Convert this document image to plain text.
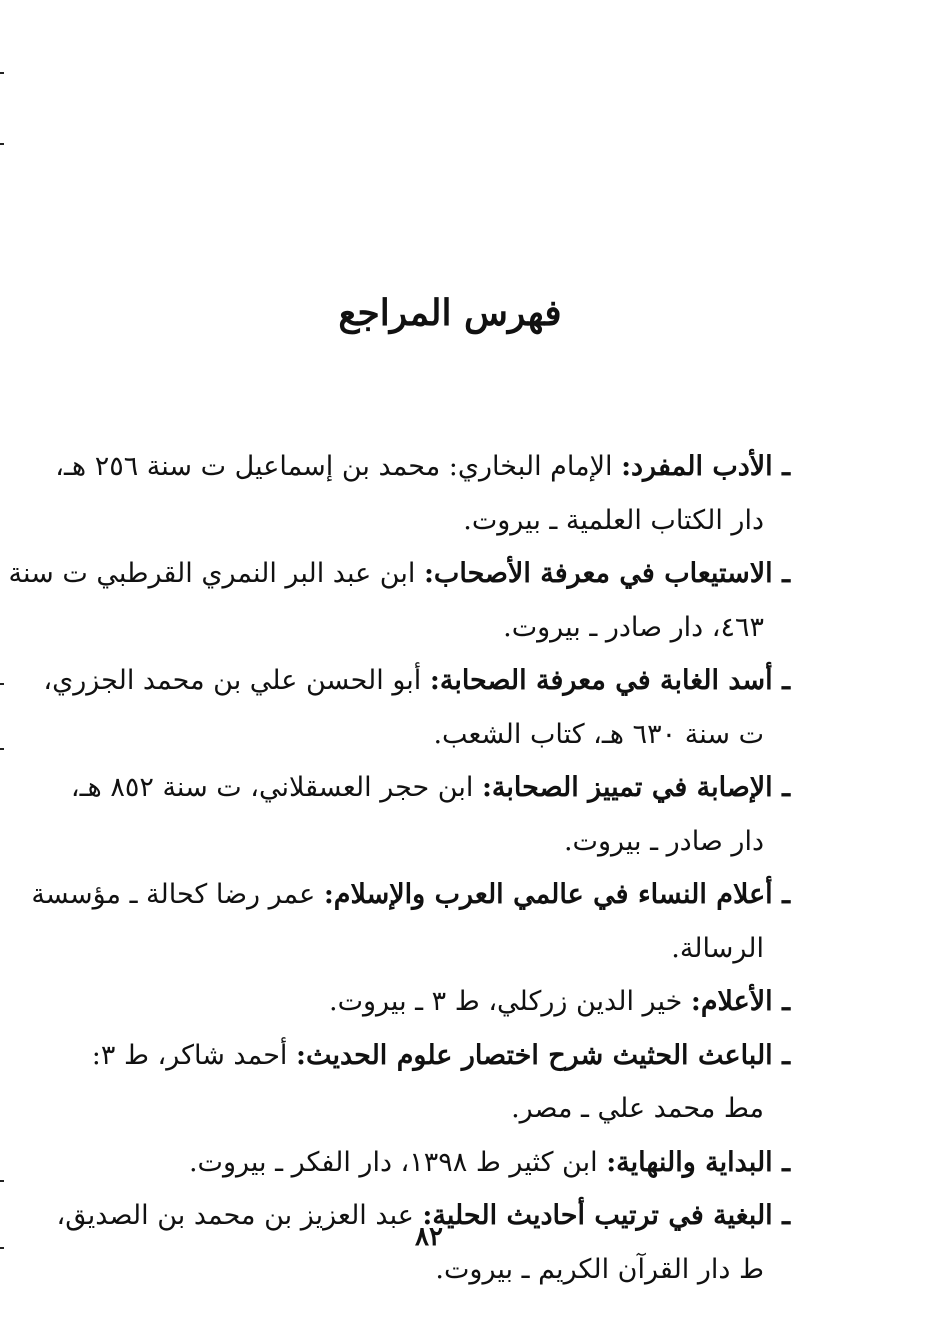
فهرس المراجع
ـ الأدب المفرد: الإمام البخاري: محمد بن إسماعيل ت سنة ٢٥٦ هـ،
دار الكتاب العلمية ـ بيروت.
ـ الاستيعاب في معرفة الأصحاب: ابن عبد البر النمري القرطبي ت سنة
٤٦٣، دار صادر ـ بيروت.
ـ أسد الغابة في معرفة الصحابة: أبو الحسن علي بن محمد الجزري،
ت سنة ٦٣٠ هـ، كتاب الشعب.
ـ الإصابة في تمييز الصحابة: ابن حجر العسقلاني، ت سنة ٨٥٢ هـ،
دار صادر ـ بيروت.
ـ أعلام النساء في عالمي العرب والإسلام: عمر رضا كحالة ـ مؤسسة
الرسالة.
ـ الأعلام: خير الدين زركلي، ط ٣ ـ بيروت.
ـ الباعث الحثيث شرح اختصار علوم الحديث: أحمد شاكر، ط ٣:
مط محمد علي ـ مصر.
ـ البداية والنهاية: ابن كثير ط ١٣٩٨، دار الفكر ـ بيروت.
ـ البغية في ترتيب أحاديث الحلية: عبد العزيز بن محمد بن الصديق،
ط دار القرآن الكريم ـ بيروت.
٨٢
